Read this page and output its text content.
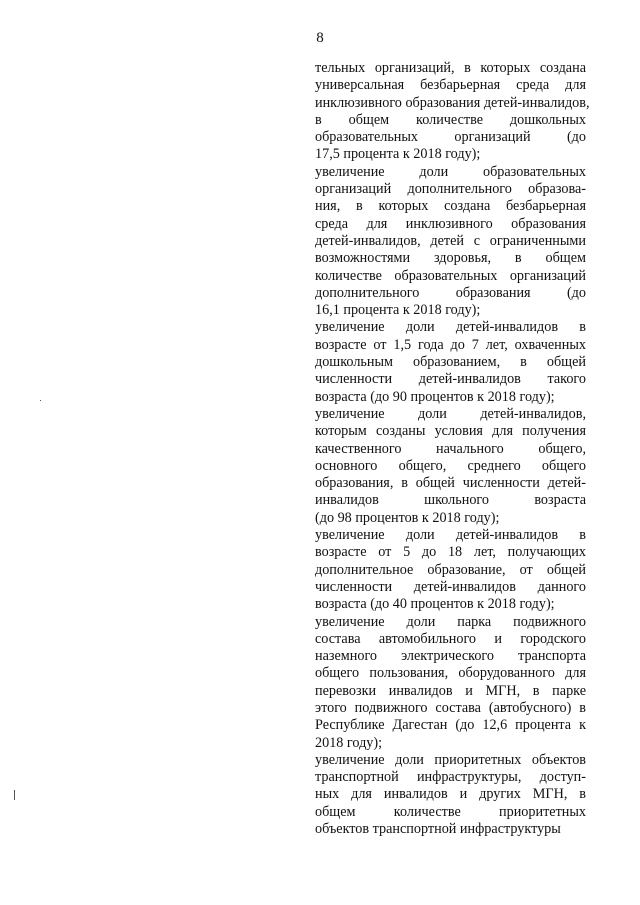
8
тельных организаций, в которых создана
универсальная безбарьерная среда для
инклюзивного образования детей-инвалидов,
в общем количестве дошкольных
образовательных организаций (до
17,5 процента к 2018 году);
увеличение доли образовательных
организаций дополнительного образова-
ния, в которых создана безбарьерная
среда для инклюзивного образования
детей-инвалидов, детей с ограниченными
возможностями здоровья, в общем
количестве образовательных организаций
дополнительного образования (до
16,1 процента к 2018 году);
увеличение доли детей-инвалидов в
возрасте от 1,5 года до 7 лет, охваченных
дошкольным образованием, в общей
численности детей-инвалидов такого
возраста (до 90 процентов к 2018 году);
увеличение доли детей-инвалидов,
которым созданы условия для получения
качественного начального общего,
основного общего, среднего общего
образования, в общей численности детей-
инвалидов школьного возраста
(до 98 процентов к 2018 году);
увеличение доли детей-инвалидов в
возрасте от 5 до 18 лет, получающих
дополнительное образование, от общей
численности детей-инвалидов данного
возраста (до 40 процентов к 2018 году);
увеличение доли парка подвижного
состава автомобильного и городского
наземного электрического транспорта
общего пользования, оборудованного для
перевозки инвалидов и МГН, в парке
этого подвижного состава (автобусного) в
Республике Дагестан (до 12,6 процента к
2018 году);
увеличение доли приоритетных объектов
транспортной инфраструктуры, доступ-
ных для инвалидов и других МГН, в
общем количестве приоритетных
объектов транспортной инфраструктуры
